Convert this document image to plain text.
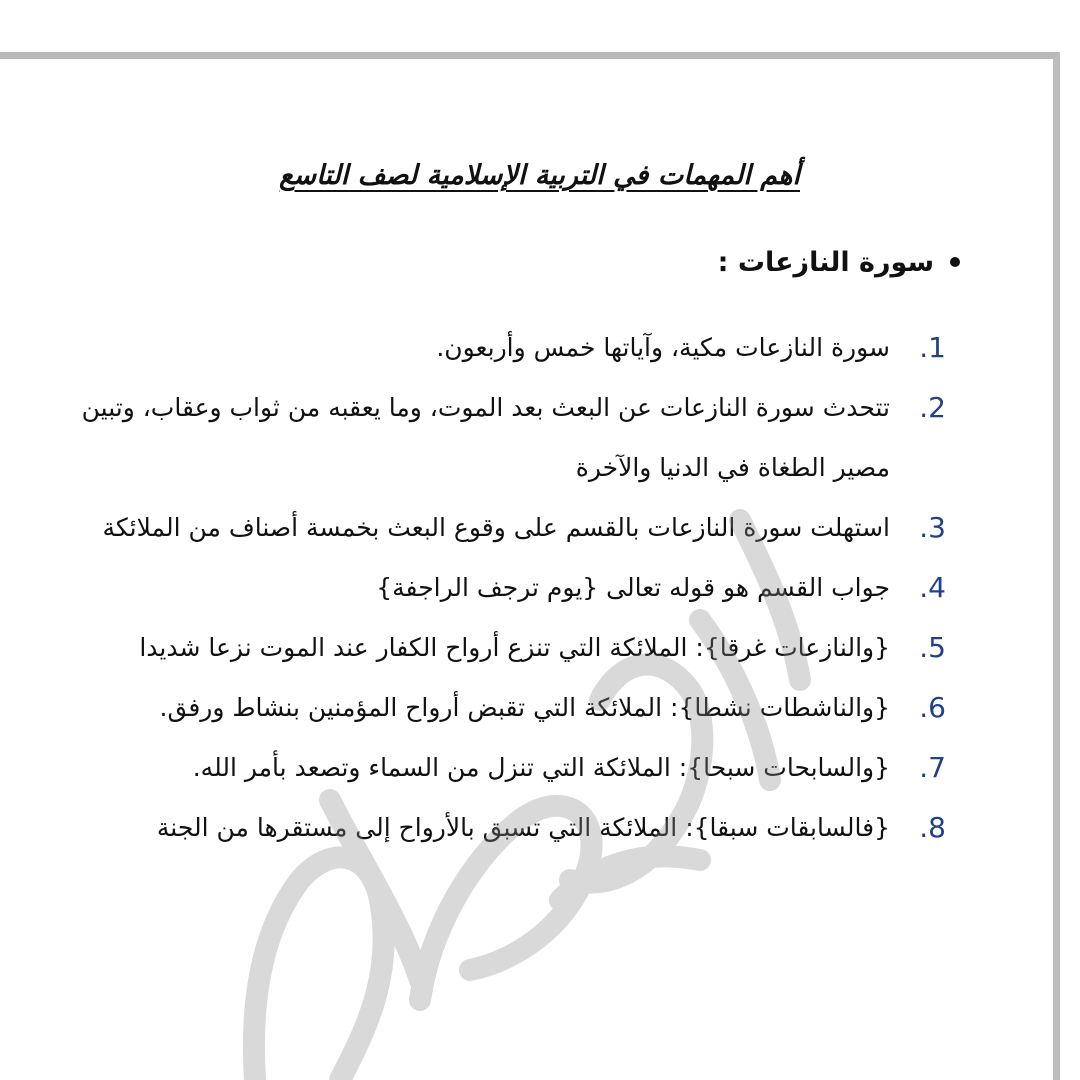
أهم المهمات في التربية الإسلامية لصف التاسع
سورة النازعات :
.1
سورة النازعات مكية، وآياتها خمس وأربعون.
.2
تتحدث سورة النازعات عن البعث بعد الموت، وما يعقبه من ثواب وعقاب، وتبين مصير الطغاة في الدنيا والآخرة
.3
استهلت سورة النازعات بالقسم على وقوع البعث بخمسة أصناف من الملائكة
.4
جواب القسم هو قوله تعالى {يوم ترجف الراجفة}
.5
{والنازعات غرقا}: الملائكة التي تنزع أرواح الكفار عند الموت نزعا شديدا
.6
{والناشطات نشطا}: الملائكة التي تقبض أرواح المؤمنين بنشاط ورفق.
.7
{والسابحات سبحا}: الملائكة التي تنزل من السماء وتصعد بأمر الله.
.8
{فالسابقات سبقا}: الملائكة التي تسبق بالأرواح إلى مستقرها من الجنة
